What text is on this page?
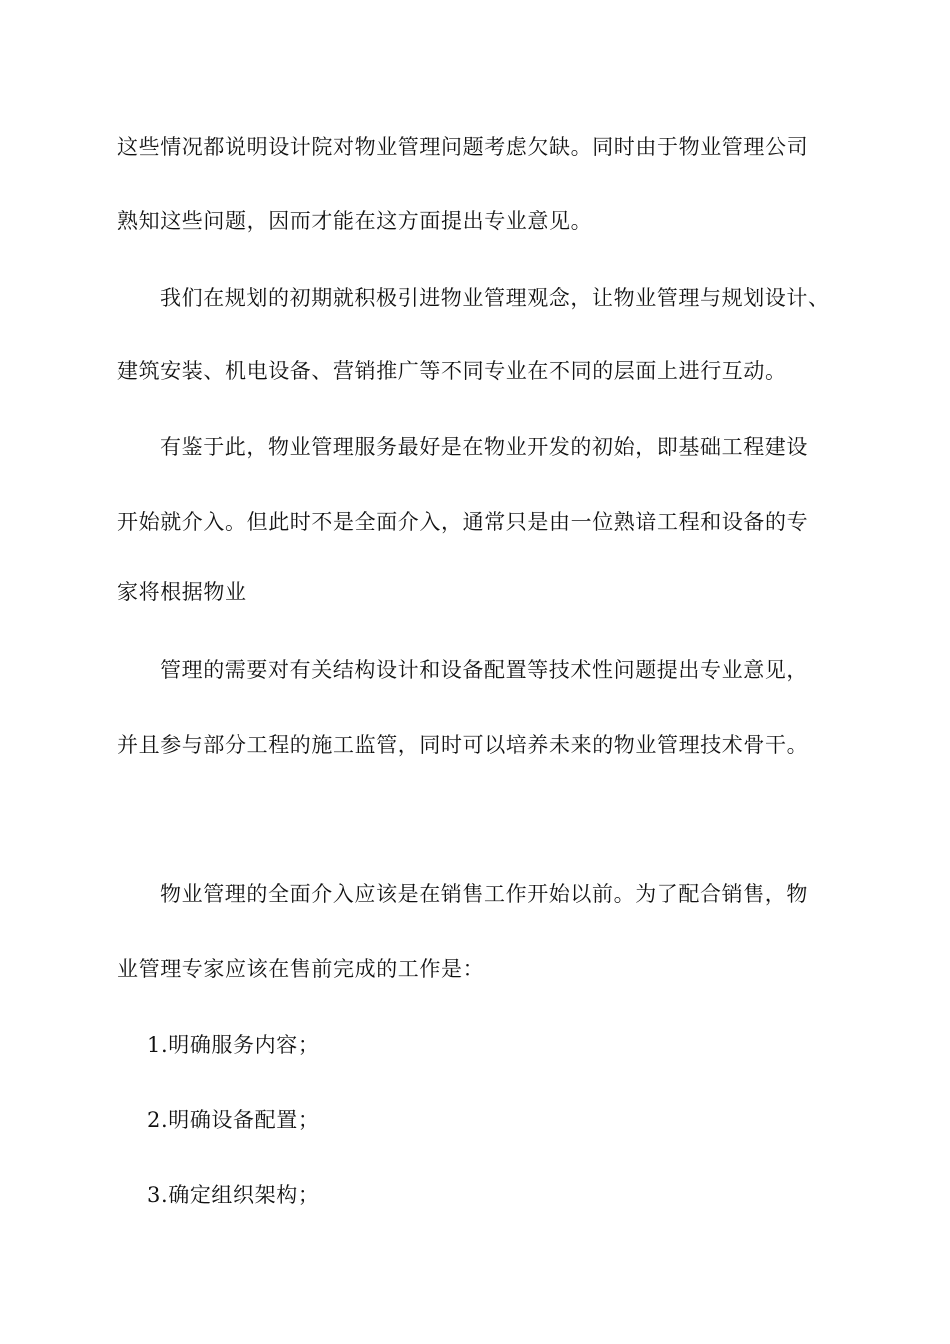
这些情况都说明设计院对物业管理问题考虑欠缺。同时由于物业管理公司
熟知这些问题，因而才能在这方面提出专业意见。
我们在规划的初期就积极引进物业管理观念，让物业管理与规划设计、
建筑安装、机电设备、营销推广等不同专业在不同的层面上进行互动。
有鉴于此，物业管理服务最好是在物业开发的初始，即基础工程建设
开始就介入。但此时不是全面介入，通常只是由一位熟谙工程和设备的专
家将根据物业
管理的需要对有关结构设计和设备配置等技术性问题提出专业意见，
并且参与部分工程的施工监管，同时可以培养未来的物业管理技术骨干。
物业管理的全面介入应该是在销售工作开始以前。为了配合销售，物
业管理专家应该在售前完成的工作是：
1.明确服务内容；
2.明确设备配置；
3.确定组织架构；
